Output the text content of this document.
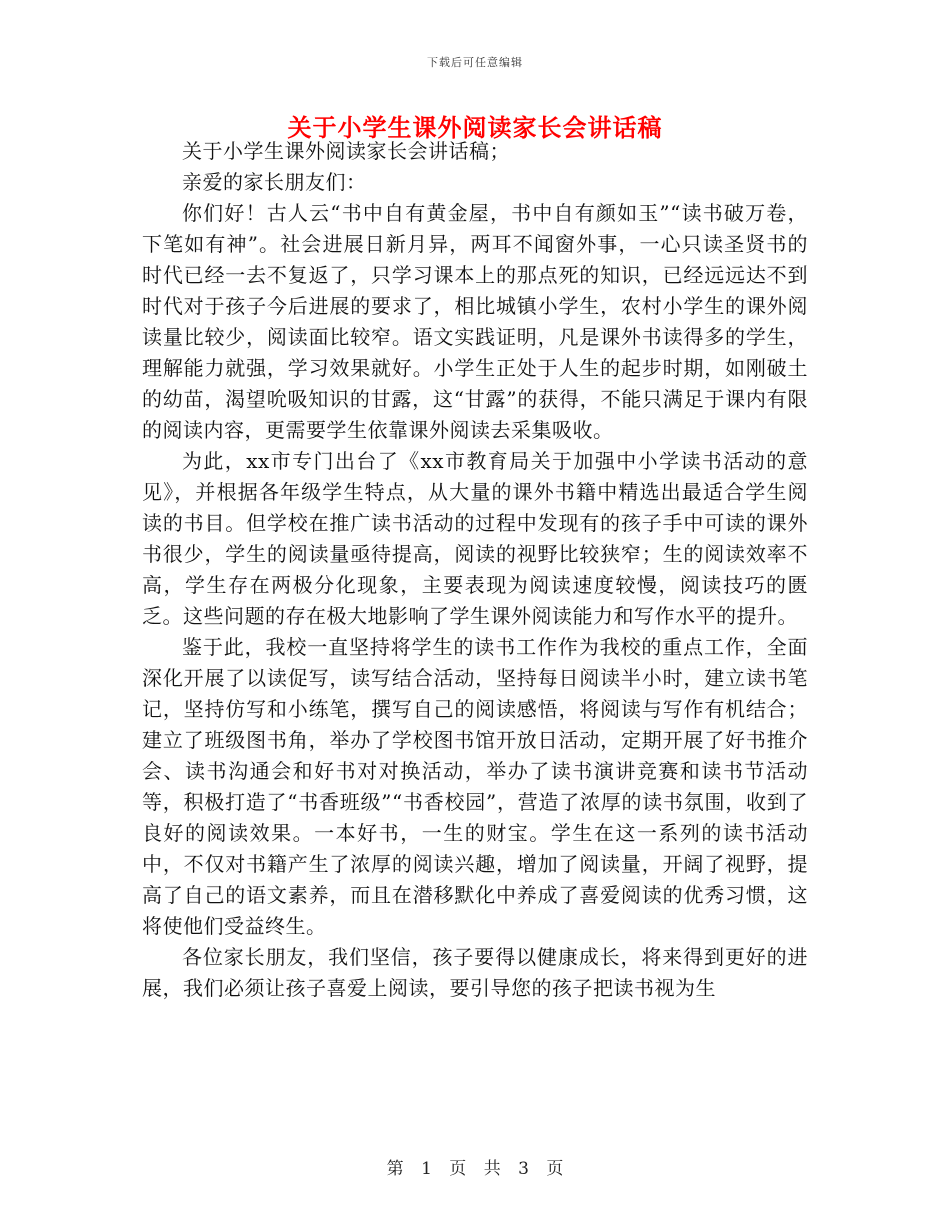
下载后可任意编辑
关于小学生课外阅读家长会讲话稿

关于小学生课外阅读家长会讲话稿；

亲爱的家长朋友们：

你们好！古人云“书中自有黄金屋，书中自有颜如玉”“读书破万卷，下笔如有神”。社会进展日新月异，两耳不闻窗外事，一心只读圣贤书的时代已经一去不复返了，只学习课本上的那点死的知识，已经远远达不到时代对于孩子今后进展的要求了，相比城镇小学生，农村小学生的课外阅读量比较少，阅读面比较窄。语文实践证明，凡是课外书读得多的学生，理解能力就强，学习效果就好。小学生正处于人生的起步时期，如刚破土的幼苗，渴望吮吸知识的甘露，这“甘露”的获得，不能只满足于课内有限的阅读内容，更需要学生依靠课外阅读去采集吸收。

为此，xx市专门出台了《xx市教育局关于加强中小学读书活动的意见》，并根据各年级学生特点，从大量的课外书籍中精选出最适合学生阅读的书目。但学校在推广读书活动的过程中发现有的孩子手中可读的课外书很少，学生的阅读量亟待提高，阅读的视野比较狭窄；生的阅读效率不高，学生存在两极分化现象，主要表现为阅读速度较慢，阅读技巧的匮乏。这些问题的存在极大地影响了学生课外阅读能力和写作水平的提升。

鉴于此，我校一直坚持将学生的读书工作作为我校的重点工作，全面深化开展了以读促写，读写结合活动，坚持每日阅读半小时，建立读书笔记，坚持仿写和小练笔，撰写自己的阅读感悟，将阅读与写作有机结合；建立了班级图书角，举办了学校图书馆开放日活动，定期开展了好书推介会、读书沟通会和好书对对换活动，举办了读书演讲竞赛和读书节活动等，积极打造了“书香班级”“书香校园”，营造了浓厚的读书氛围，收到了良好的阅读效果。一本好书，一生的财宝。学生在这一系列的读书活动中，不仅对书籍产生了浓厚的阅读兴趣，增加了阅读量，开阔了视野，提高了自己的语文素养，而且在潜移默化中养成了喜爱阅读的优秀习惯，这将使他们受益终生。

各位家长朋友，我们坚信，孩子要得以健康成长，将来得到更好的进展，我们必须让孩子喜爱上阅读，要引导您的孩子把读书视为生

第 1 页 共 3 页
